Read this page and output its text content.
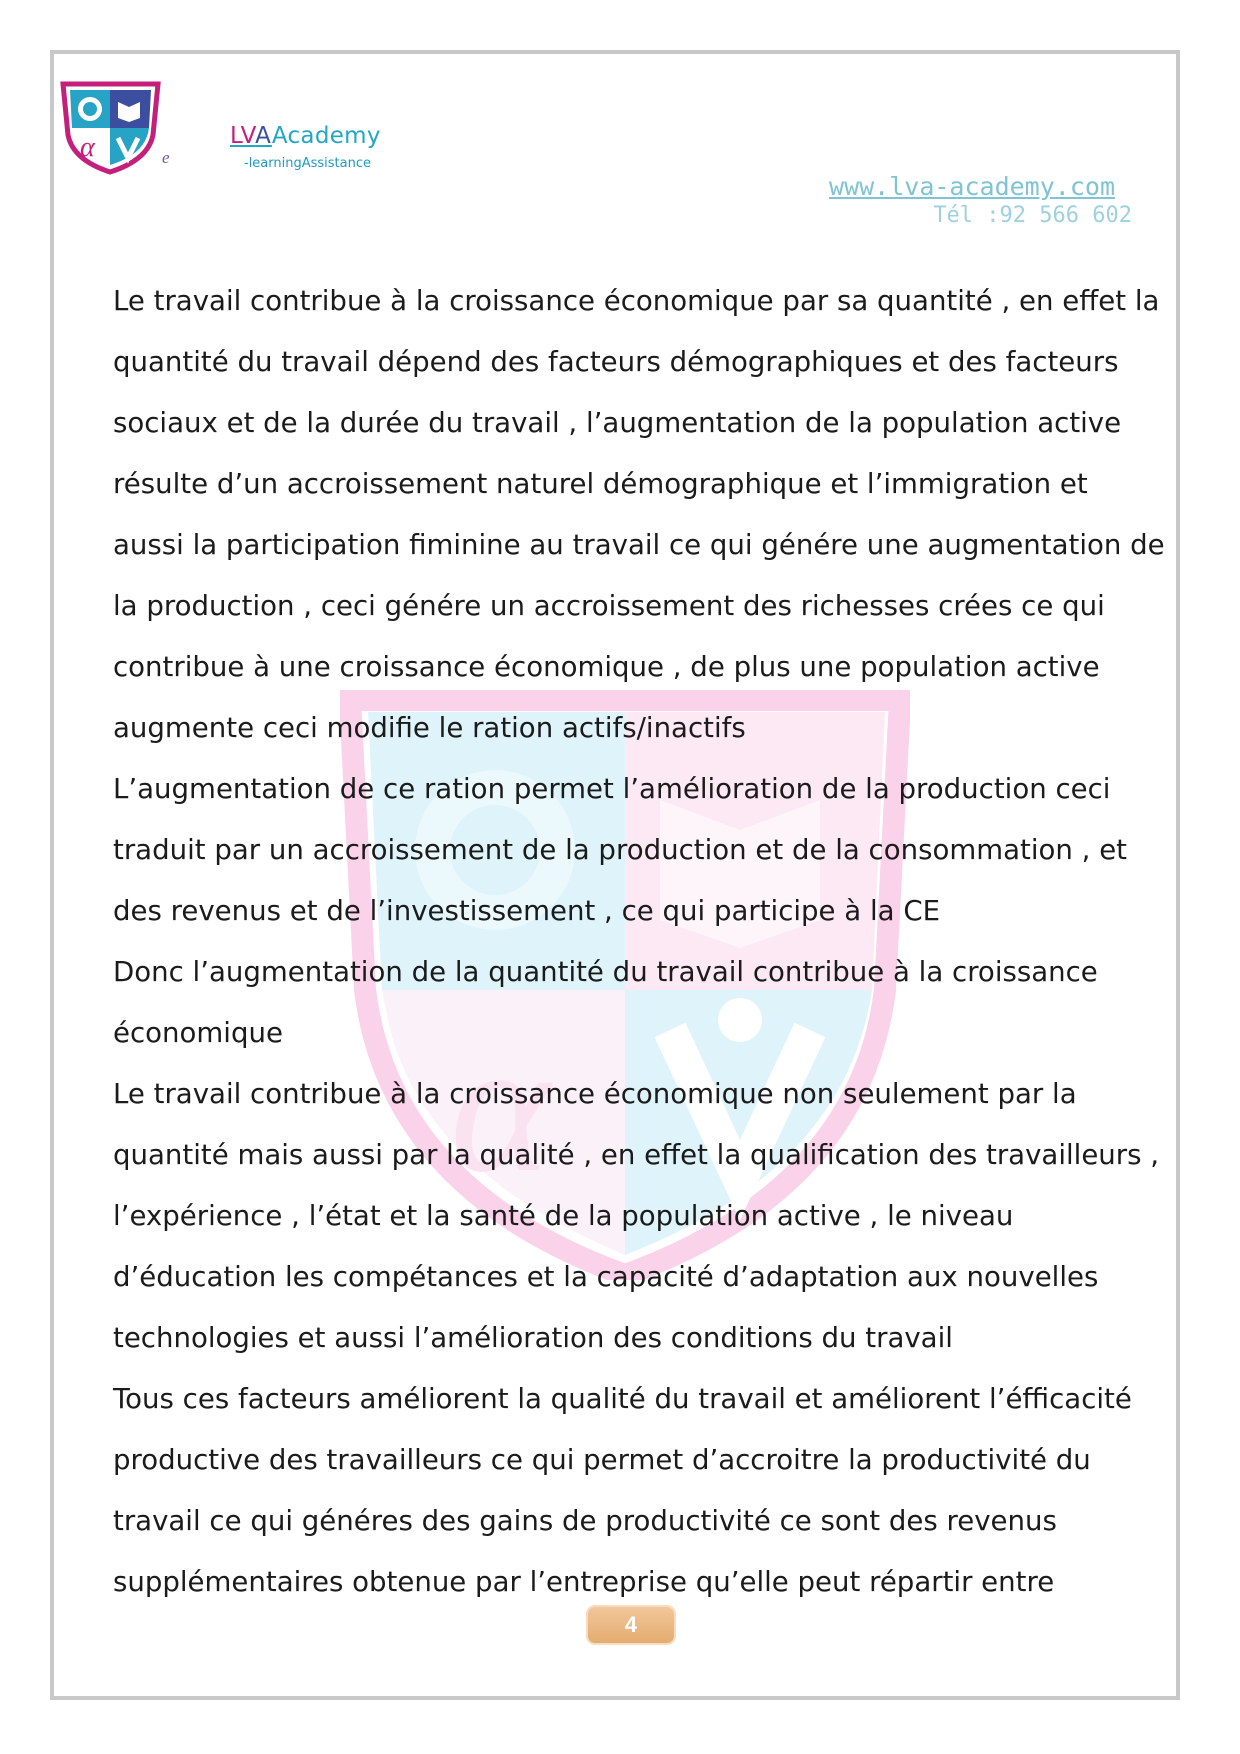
α	e
LVAAcademy
-learningAssistance
www.lva-academy.com
Tél :92 566 602
α

Le travail contribue à la croissance économique par sa quantité , en effet la

quantité du travail dépend des facteurs démographiques et des facteurs

sociaux et de la durée du travail , l’augmentation de la population active

résulte d’un accroissement naturel démographique et l’immigration et

aussi la participation fiminine au travail ce qui génére une augmentation de

la production , ceci génére un accroissement des richesses crées ce qui

contribue à une croissance économique , de plus une population active

augmente ceci modifie le ration actifs/inactifs

L’augmentation de ce ration permet l’amélioration de la production ceci

traduit par un accroissement de la production et de la consommation , et

des revenus et de l’investissement , ce qui participe à la CE

Donc l’augmentation de la quantité du travail contribue à la croissance

économique

Le travail contribue à la croissance économique non seulement par la

quantité mais aussi par la qualité , en effet la qualification des travailleurs ,

l’expérience , l’état et la santé de la population active , le niveau

d’éducation les compétances et la capacité d’adaptation aux nouvelles

technologies et aussi l’amélioration des conditions du travail

Tous ces facteurs améliorent la qualité du travail et améliorent l’éfficacité

productive des travailleurs ce qui permet d’accroitre la productivité du

travail ce qui généres des gains de productivité ce sont des revenus

supplémentaires obtenue par l’entreprise qu’elle peut répartir entre

4
